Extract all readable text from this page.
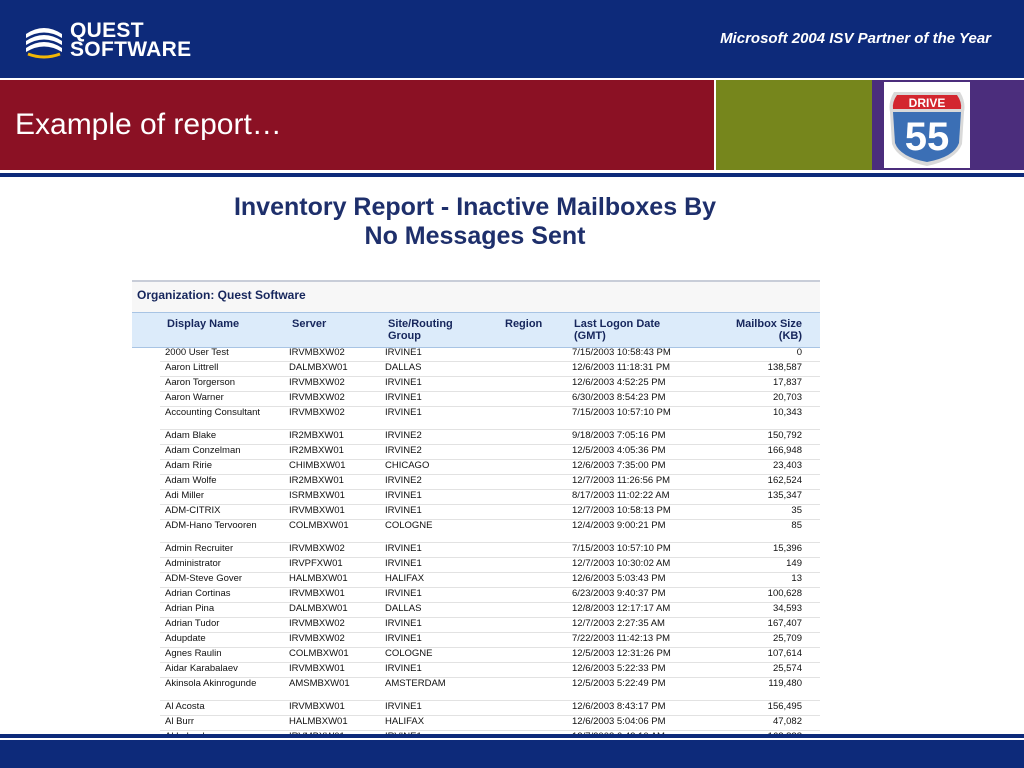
QUEST
SOFTWARE	Microsoft 2004 ISV Partner of the Year
Example of report…
DRIVE
55
Inventory Report - Inactive Mailboxes By
No Messages Sent
Organization: Quest Software
Display Name	Server	Site/Routing
Group
Region	Last Logon Date
(GMT)
Mailbox Size
(KB)
2000 User Test	IRVMBXW02	IRVINE1	7/15/2003 10:58:43 PM	0
Aaron Littrell	DALMBXW01	DALLAS	12/6/2003 11:18:31 PM	138,587
Aaron Torgerson	IRVMBXW02	IRVINE1	12/6/2003 4:52:25 PM	17,837
Aaron Warner	IRVMBXW02	IRVINE1	6/30/2003 8:54:23 PM	20,703
Accounting Consultant	IRVMBXW02	IRVINE1	7/15/2003 10:57:10 PM	10,343
Adam Blake	IR2MBXW01	IRVINE2	9/18/2003 7:05:16 PM	150,792
Adam Conzelman	IR2MBXW01	IRVINE2	12/5/2003 4:05:36 PM	166,948
Adam Ririe	CHIMBXW01	CHICAGO	12/6/2003 7:35:00 PM	23,403
Adam Wolfe	IR2MBXW01	IRVINE2	12/7/2003 11:26:56 PM	162,524
Adi Miller	ISRMBXW01	IRVINE1	8/17/2003 11:02:22 AM	135,347
ADM-CITRIX	IRVMBXW01	IRVINE1	12/7/2003 10:58:13 PM	35
ADM-Hano Tervooren	COLMBXW01	COLOGNE	12/4/2003 9:00:21 PM	85
Admin Recruiter	IRVMBXW02	IRVINE1	7/15/2003 10:57:10 PM	15,396
Administrator	IRVPFXW01	IRVINE1	12/7/2003 10:30:02 AM	149
ADM-Steve Gover	HALMBXW01	HALIFAX	12/6/2003 5:03:43 PM	13
Adrian Cortinas	IRVMBXW01	IRVINE1	6/23/2003 9:40:37 PM	100,628
Adrian Pina	DALMBXW01	DALLAS	12/8/2003 12:17:17 AM	34,593
Adrian Tudor	IRVMBXW02	IRVINE1	12/7/2003 2:27:35 AM	167,407
Adupdate	IRVMBXW02	IRVINE1	7/22/2003 11:42:13 PM	25,709
Agnes Raulin	COLMBXW01	COLOGNE	12/5/2003 12:31:26 PM	107,614
Aidar Karabalaev	IRVMBXW01	IRVINE1	12/6/2003 5:22:33 PM	25,574
Akinsola Akinrogunde	AMSMBXW01	AMSTERDAM	12/5/2003 5:22:49 PM	119,480
Al Acosta	IRVMBXW01	IRVINE1	12/6/2003 8:43:17 PM	156,495
Al Burr	HALMBXW01	HALIFAX	12/6/2003 5:04:06 PM	47,082
